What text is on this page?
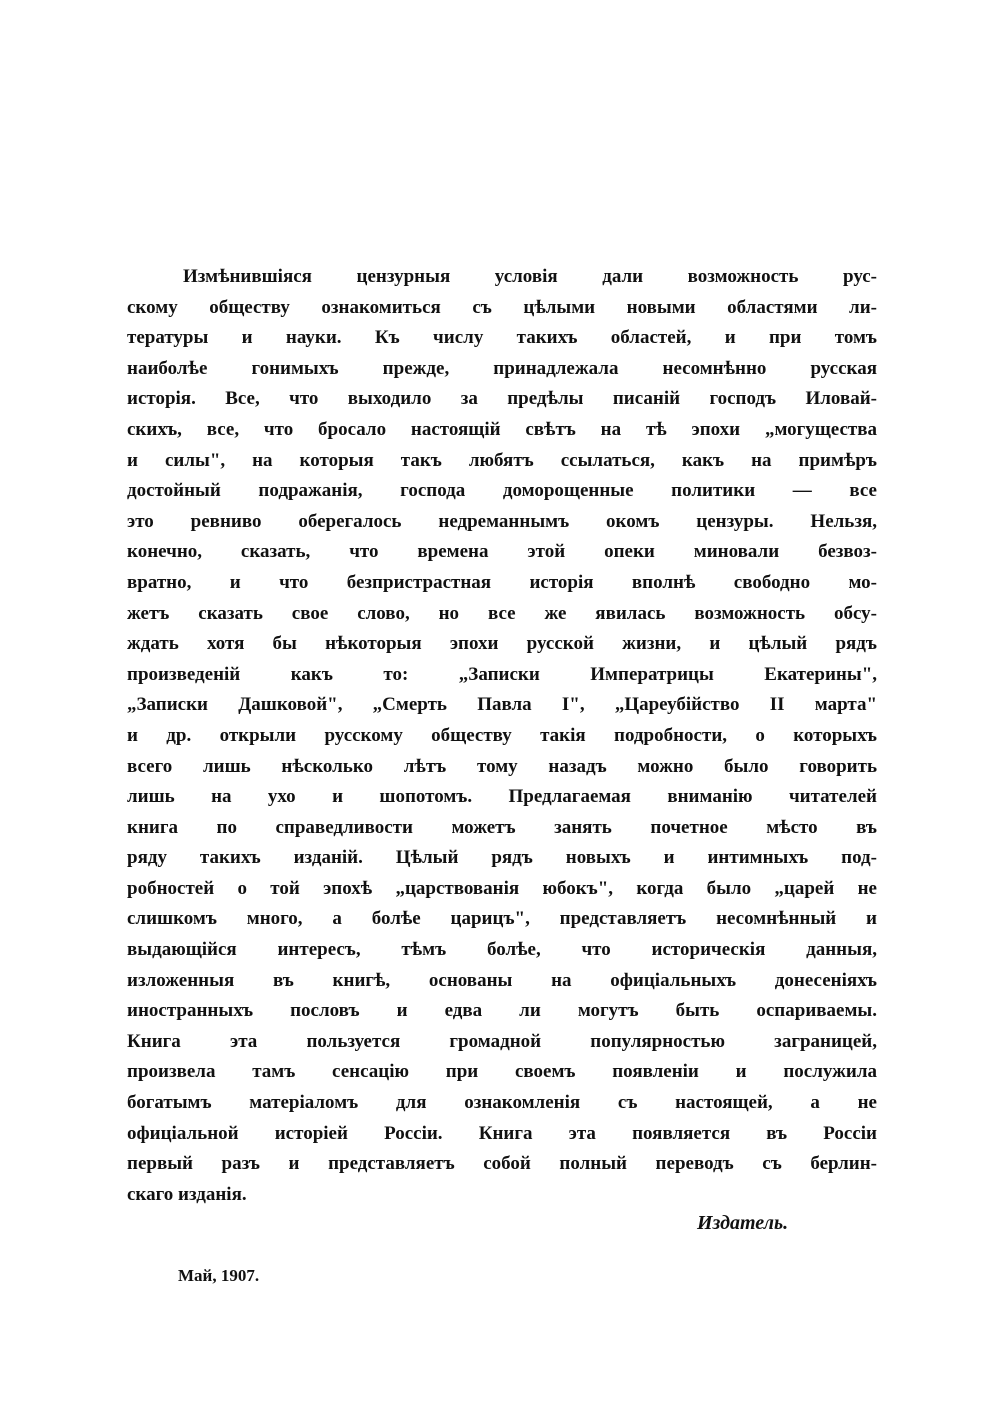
Измѣнившіяся цензурныя условія дали возможность рус-
скому обществу ознакомиться съ цѣлыми новыми областями ли-
тературы и науки. Къ числу такихъ областей, и при томъ
наиболѣе гонимыхъ прежде, принадлежала несомнѣнно русская
исторія. Все, что выходило за предѣлы писаній господъ Иловай-
скихъ, все, что бросало настоящій свѣтъ на тѣ эпохи „могущества
и силы", на которыя такъ любятъ ссылаться, какъ на примѣръ
достойный подражанія, господа доморощенные политики — все
это ревниво оберегалось недреманнымъ окомъ цензуры. Нельзя,
конечно, сказать, что времена этой опеки миновали безвоз-
вратно, и что безпристрастная исторія вполнѣ свободно мо-
жетъ сказать свое слово, но все же явилась возможность обсу-
ждать хотя бы нѣкоторыя эпохи русской жизни, и цѣлый рядъ
произведеній какъ то: „Записки Императрицы Екатерины",
„Записки Дашковой", „Смерть Павла I", „Цареубійство II марта"
и др. открыли русскому обществу такія подробности, о которыхъ
всего лишь нѣсколько лѣтъ тому назадъ можно было говорить
лишь на ухо и шопотомъ. Предлагаемая вниманію читателей
книга по справедливости можетъ занять почетное мѣсто въ
ряду такихъ изданій. Цѣлый рядъ новыхъ и интимныхъ под-
робностей о той эпохѣ „царствованія юбокъ", когда было „царей не
слишкомъ много, а болѣе царицъ", представляетъ несомнѣнный и
выдающійся интересъ, тѣмъ болѣе, что историческія данныя,
изложенныя въ книгѣ, основаны на офиціальныхъ донесеніяхъ
иностранныхъ пословъ и едва ли могутъ быть оспариваемы.
Книга эта пользуется громадной популярностью заграницей,
произвела тамъ сенсацію при своемъ появленіи и послужила
богатымъ матеріаломъ для ознакомленія съ настоящей, а не
офиціальной исторіей Россіи. Книга эта появляется въ Россіи
первый разъ и представляетъ собой полный переводъ съ берлин-
скаго изданія.
Издатель.
Май, 1907.
